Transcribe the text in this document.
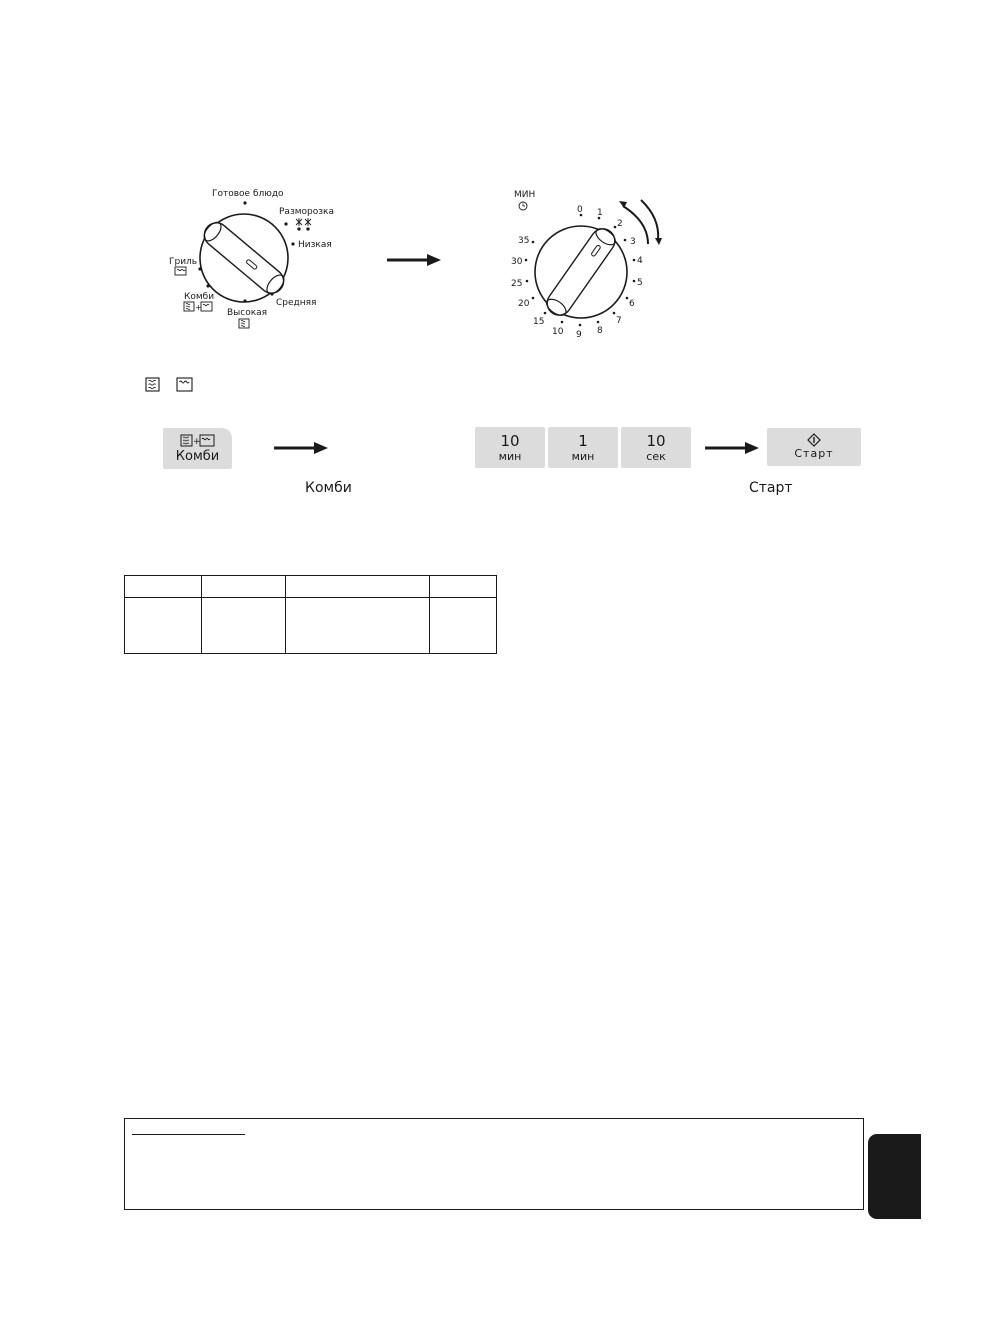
Готовое блюдо
Разморозка
Низкая
Средняя
Высокая
Гриль
Комби
+
МИН
0 1
2
3
4
5
6
7
8
9
10
15
20
25
30
35
+
Комби
Комби
10
мин
1
мин
10
сек	Старт
Старт
